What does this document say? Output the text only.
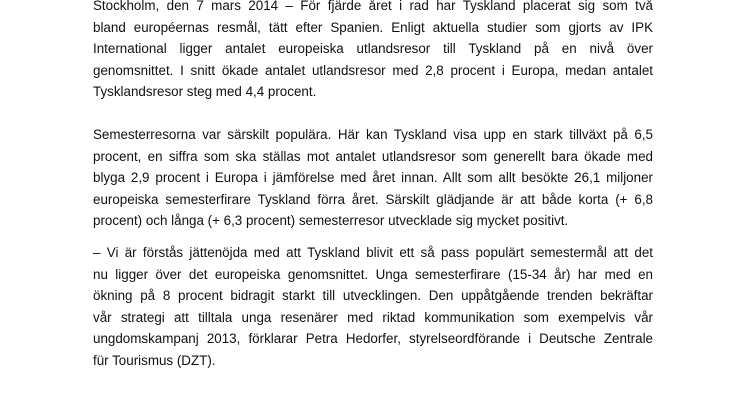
Stockholm, den 7 mars 2014 – För fjärde året i rad har Tyskland placerat sig som två
bland européernas resmål, tätt efter Spanien. Enligt aktuella studier som gjorts av IPK
International ligger antalet europeiska utlandsresor till Tyskland på en nivå över
genomsnittet. I snitt ökade antalet utlandsresor med 2,8 procent i Europa, medan antalet
Tysklandsresor steg med 4,4 procent.

Semesterresorna var särskilt populära. Här kan Tyskland visa upp en stark tillväxt på 6,5
procent, en siffra som ska ställas mot antalet utlandsresor som generellt bara ökade med
blyga 2,9 procent i Europa i jämförelse med året innan. Allt som allt besökte 26,1 miljoner
europeiska semesterfirare Tyskland förra året. Särskilt glädjande är att både korta (+ 6,8
procent) och långa (+ 6,3 procent) semesterresor utvecklade sig mycket positivt.

– Vi är förstås jättenöjda med att Tyskland blivit ett så pass populärt semestermål att det
nu ligger över det europeiska genomsnittet. Unga semesterfirare (15-34 år) har med en
ökning på 8 procent bidragit starkt till utvecklingen. Den uppåtgående trenden bekräftar
vår strategi att tilltala unga resenärer med riktad kommunikation som exempelvis vår
ungdomskampanj 2013, förklarar Petra Hedorfer, styrelseordförande i Deutsche Zentrale
für Tourismus (DZT).
